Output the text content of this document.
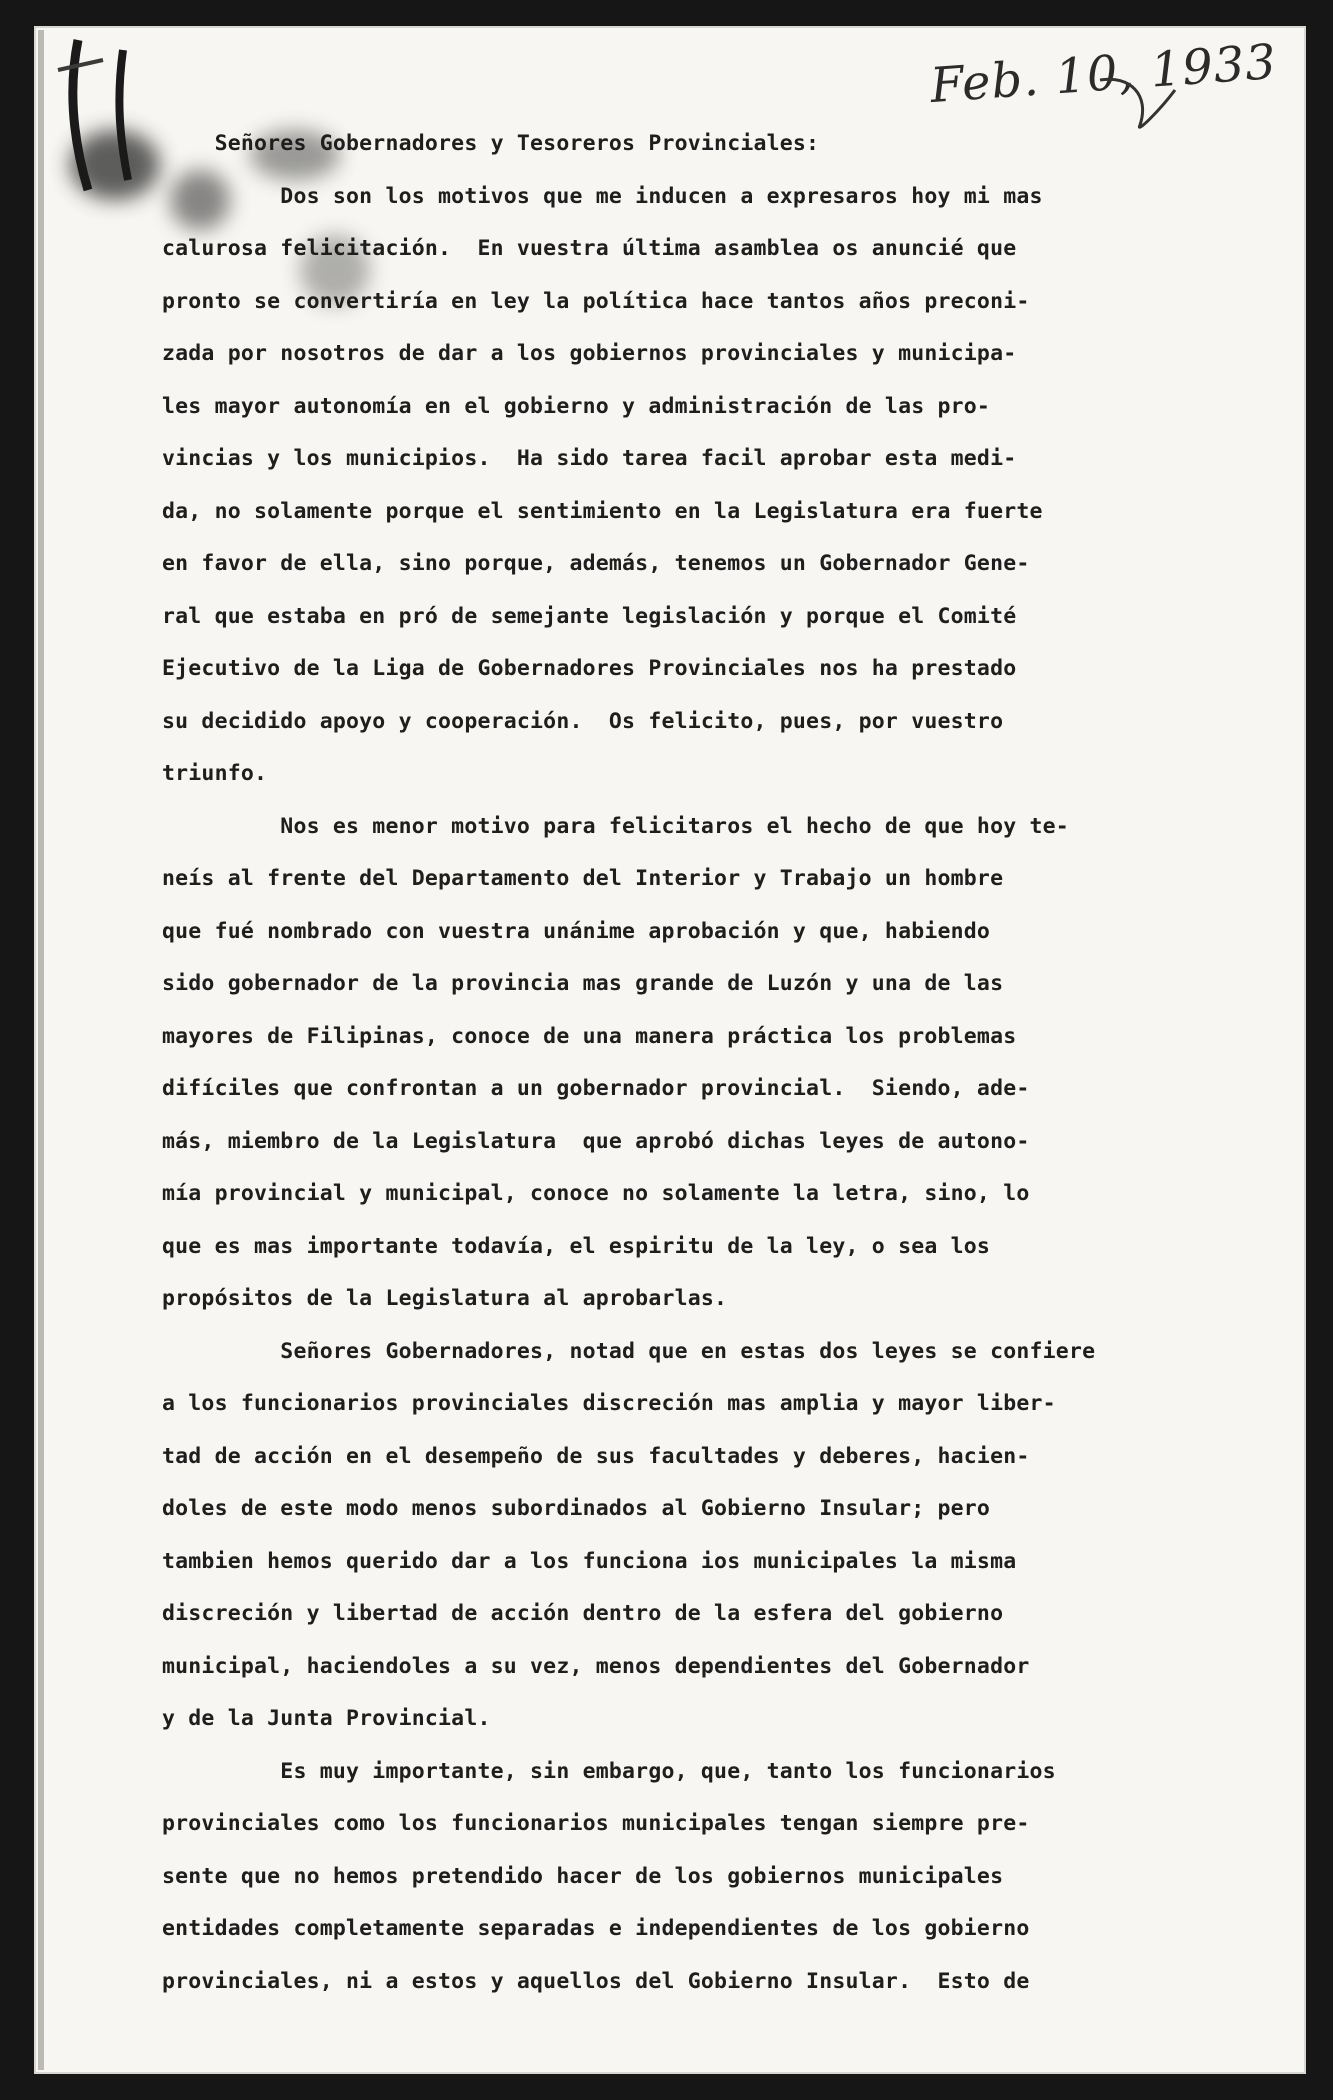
Feb. 10, 1933
Señores Gobernadores y Tesoreros Provinciales:
Dos son los motivos que me inducen a expresaros hoy mi mas
calurosa felicitación.  En vuestra última asamblea os anuncié que
pronto se convertiría en ley la política hace tantos años preconi-
zada por nosotros de dar a los gobiernos provinciales y municipa-
les mayor autonomía en el gobierno y administración de las pro-
vincias y los municipios.  Ha sido tarea facil aprobar esta medi-
da, no solamente porque el sentimiento en la Legislatura era fuerte
en favor de ella, sino porque, además, tenemos un Gobernador Gene-
ral que estaba en pró de semejante legislación y porque el Comité
Ejecutivo de la Liga de Gobernadores Provinciales nos ha prestado
su decidido apoyo y cooperación.  Os felicito, pues, por vuestro
triunfo.
Nos es menor motivo para felicitaros el hecho de que hoy te-
neís al frente del Departamento del Interior y Trabajo un hombre
que fué nombrado con vuestra unánime aprobación y que, habiendo
sido gobernador de la provincia mas grande de Luzón y una de las
mayores de Filipinas, conoce de una manera práctica los problemas
difíciles que confrontan a un gobernador provincial.  Siendo, ade-
más, miembro de la Legislatura  que aprobó dichas leyes de autono-
mía provincial y municipal, conoce no solamente la letra, sino, lo
que es mas importante todavía, el espiritu de la ley, o sea los
propósitos de la Legislatura al aprobarlas.
Señores Gobernadores, notad que en estas dos leyes se confiere
a los funcionarios provinciales discreción mas amplia y mayor liber-
tad de acción en el desempeño de sus facultades y deberes, hacien-
doles de este modo menos subordinados al Gobierno Insular; pero
tambien hemos querido dar a los funciona ios municipales la misma
discreción y libertad de acción dentro de la esfera del gobierno
municipal, haciendoles a su vez, menos dependientes del Gobernador
y de la Junta Provincial.
Es muy importante, sin embargo, que, tanto los funcionarios
provinciales como los funcionarios municipales tengan siempre pre-
sente que no hemos pretendido hacer de los gobiernos municipales
entidades completamente separadas e independientes de los gobierno
provinciales, ni a estos y aquellos del Gobierno Insular.  Esto de
